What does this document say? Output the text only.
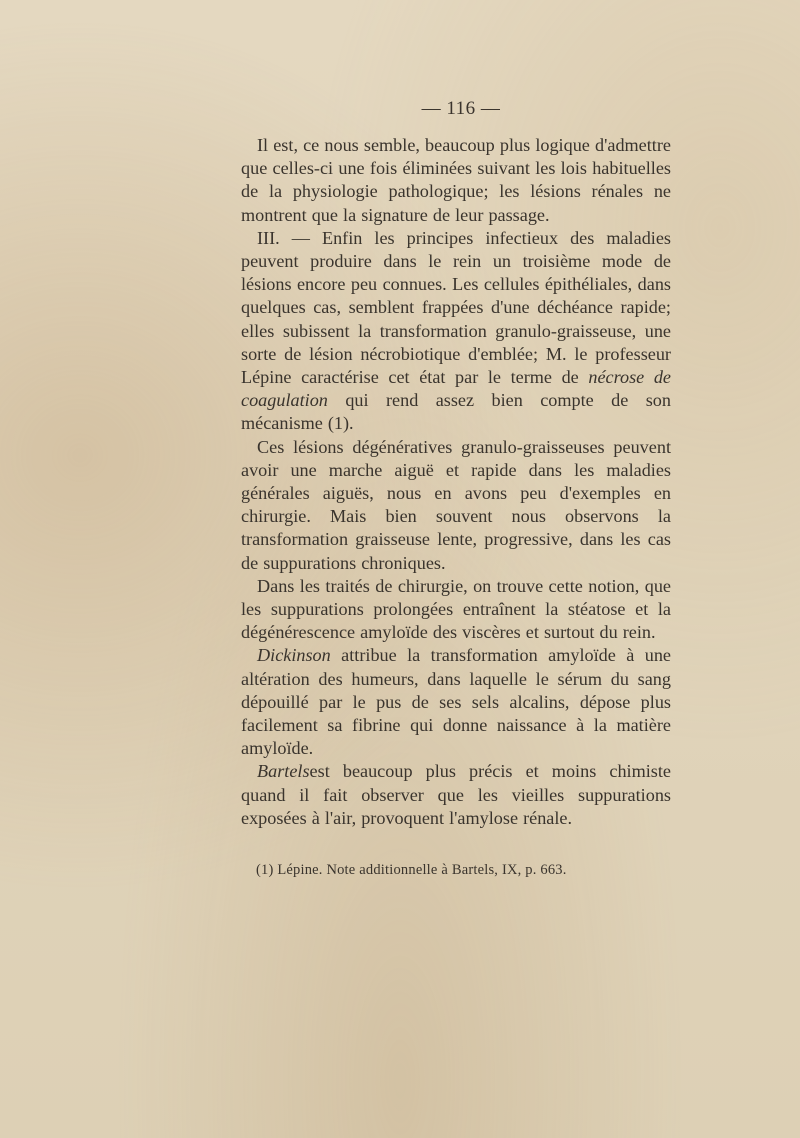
— 116 —

Il est, ce nous semble, beaucoup plus logique d'admettre que celles-ci une fois éliminées suivant les lois habituelles de la physiologie pathologique; les lésions rénales ne montrent que la signature de leur passage.

III. — Enfin les principes infectieux des maladies peuvent produire dans le rein un troisième mode de lésions encore peu connues. Les cellules épithéliales, dans quelques cas, semblent frappées d'une déchéance rapide; elles subissent la transformation granulo-graisseuse, une sorte de lésion nécrobiotique d'emblée; M. le professeur Lépine caractérise cet état par le terme de nécrose de coagulation qui rend assez bien compte de son mécanisme (1).

Ces lésions dégénératives granulo-graisseuses peuvent avoir une marche aiguë et rapide dans les maladies générales aiguës, nous en avons peu d'exemples en chirurgie. Mais bien souvent nous observons la transformation graisseuse lente, progressive, dans les cas de suppurations chroniques.

Dans les traités de chirurgie, on trouve cette notion, que les suppurations prolongées entraînent la stéatose et la dégénérescence amyloïde des viscères et surtout du rein.

Dickinson attribue la transformation amyloïde à une altération des humeurs, dans laquelle le sérum du sang dépouillé par le pus de ses sels alcalins, dépose plus facilement sa fibrine qui donne naissance à la matière amyloïde.

Bartelsest beaucoup plus précis et moins chimiste quand il fait observer que les vieilles suppurations exposées à l'air, provoquent l'amylose rénale.

(1) Lépine. Note additionnelle à Bartels, IX, p. 663.
